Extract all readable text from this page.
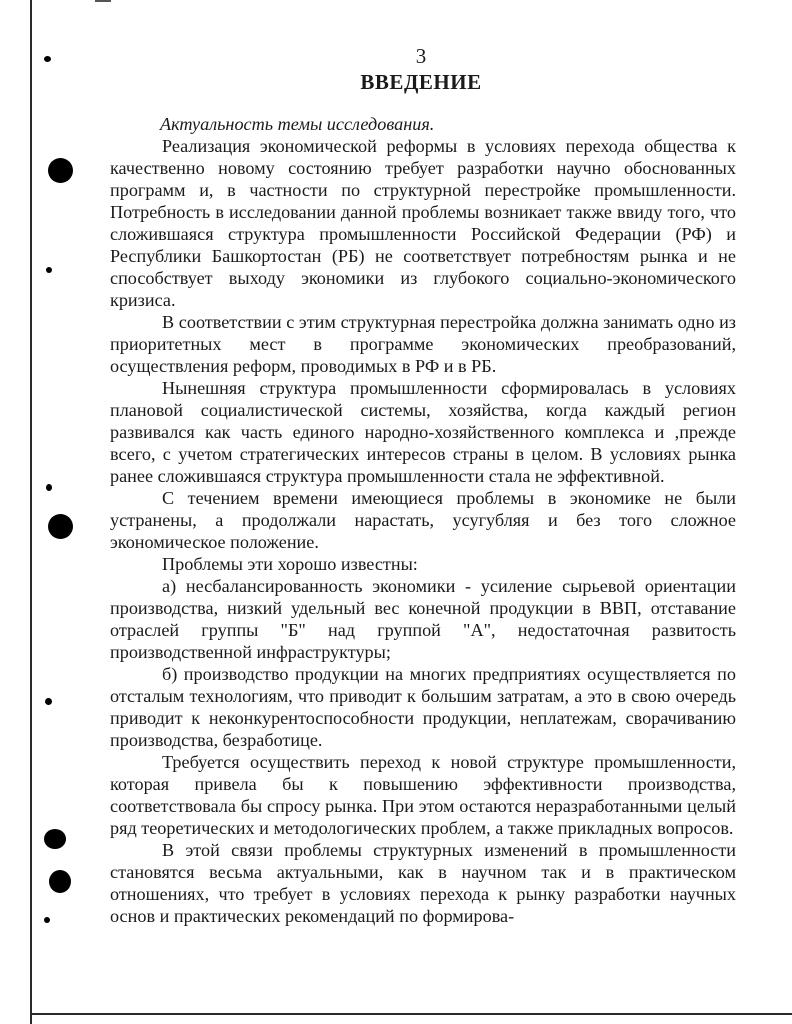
3
ВВЕДЕНИЕ

Актуальность темы исследования.

Реализация экономической реформы в условиях перехода общества к качественно новому состоянию требует разработки научно обоснованных программ и, в частности по структурной перестройке промышленности. Потребность в исследовании данной проблемы возникает также ввиду того, что сложившаяся структура промышленности Российской Федерации (РФ) и Республики Башкортостан (РБ) не соответствует потребностям рынка и не способствует выходу экономики из глубокого социально-экономического кризиса.

В соответствии с этим структурная перестройка должна занимать одно из приоритетных мест в программе экономических преобразований, осуществления реформ, проводимых в РФ и в РБ.

Нынешняя структура промышленности сформировалась в условиях плановой социалистической системы, хозяйства, когда каждый регион развивался как часть единого народно-хозяйственного комплекса и ,прежде всего, с учетом стратегических интересов страны в целом. В условиях рынка ранее сложившаяся структура промышленности стала не эффективной.

С течением времени имеющиеся проблемы в экономике не были устранены, а продолжали нарастать, усугубляя и без того сложное экономическое положение.

Проблемы эти хорошо известны:

а) несбалансированность экономики - усиление сырьевой ориентации производства, низкий удельный вес конечной продукции в ВВП, отставание отраслей группы "Б" над группой "А", недостаточная развитость производственной инфраструктуры;

б) производство продукции на многих предприятиях осуществляется по отсталым технологиям, что приводит к большим затратам, а это в свою очередь приводит к неконкурентоспособности продукции, неплатежам, сворачиванию производства, безработице.

Требуется осуществить переход к новой структуре промышленности, которая привела бы к повышению эффективности производства, соответствовала бы спросу рынка. При этом остаются неразработанными целый ряд теоретических и методологических проблем, а также прикладных вопросов.

В этой связи проблемы структурных изменений в промышленности становятся весьма актуальными, как в научном так и в практическом отношениях, что требует в условиях перехода к рынку разработки научных основ и практических рекомендаций по формирова-
